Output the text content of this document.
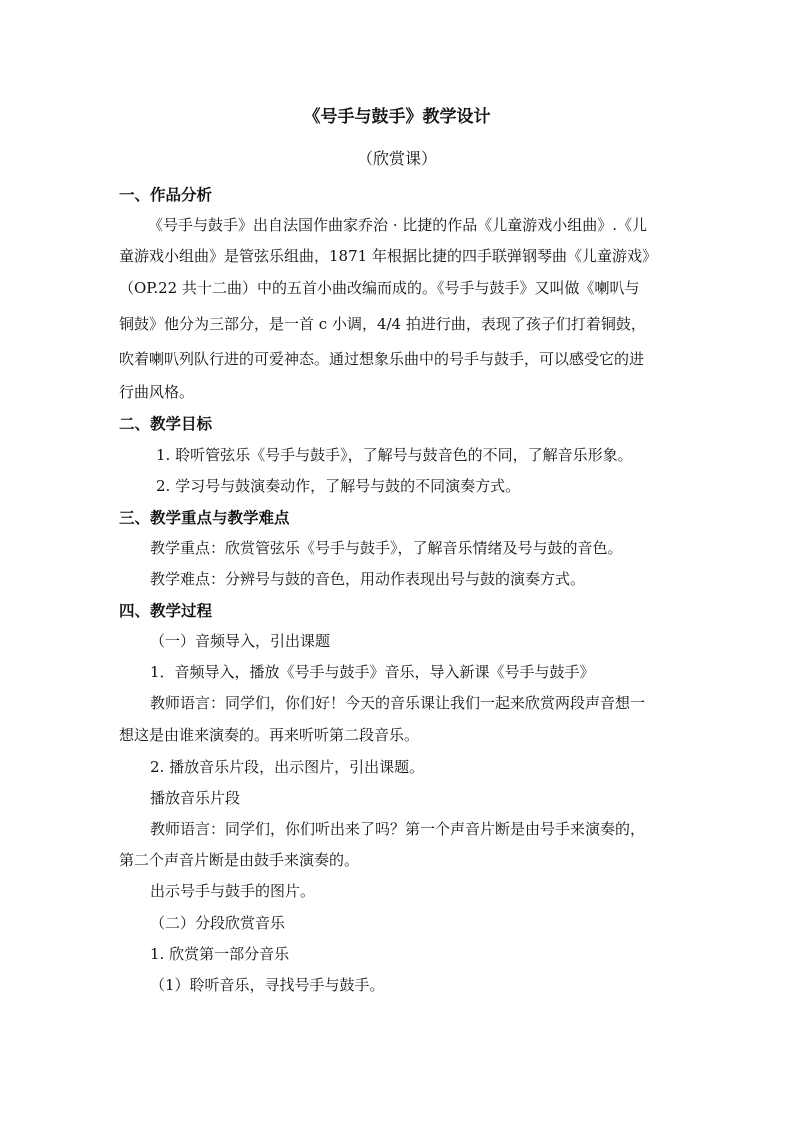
《号手与鼓手》教学设计
（欣赏课）
一、作品分析
《号手与鼓手》出自法国作曲家乔治 · 比捷的作品《儿童游戏小组曲》.《儿
童游戏小组曲》是管弦乐组曲，1871 年根据比捷的四手联弹钢琴曲《儿童游戏》
（OP.22 共十二曲）中的五首小曲改编而成的。《号手与鼓手》又叫做《喇叭与
铜鼓》他分为三部分，是一首 c 小调，4/4 拍进行曲，表现了孩子们打着铜鼓，
吹着喇叭列队行进的可爱神态。通过想象乐曲中的号手与鼓手，可以感受它的进
行曲风格。
二、教学目标
1. 聆听管弦乐《号手与鼓手》，了解号与鼓音色的不同，了解音乐形象。
2. 学习号与鼓演奏动作，了解号与鼓的不同演奏方式。
三、教学重点与教学难点
教学重点：欣赏管弦乐《号手与鼓手》，了解音乐情绪及号与鼓的音色。
教学难点：分辨号与鼓的音色，用动作表现出号与鼓的演奏方式。
四、教学过程
（一）音频导入，引出课题
1．音频导入，播放《号手与鼓手》音乐，导入新课《号手与鼓手》
教师语言：同学们，你们好！今天的音乐课让我们一起来欣赏两段声音想一
想这是由谁来演奏的。再来听听第二段音乐。
2. 播放音乐片段，出示图片，引出课题。
播放音乐片段
教师语言：同学们，你们听出来了吗？第一个声音片断是由号手来演奏的，
第二个声音片断是由鼓手来演奏的。
出示号手与鼓手的图片。
（二）分段欣赏音乐
1. 欣赏第一部分音乐
（1）聆听音乐，寻找号手与鼓手。
